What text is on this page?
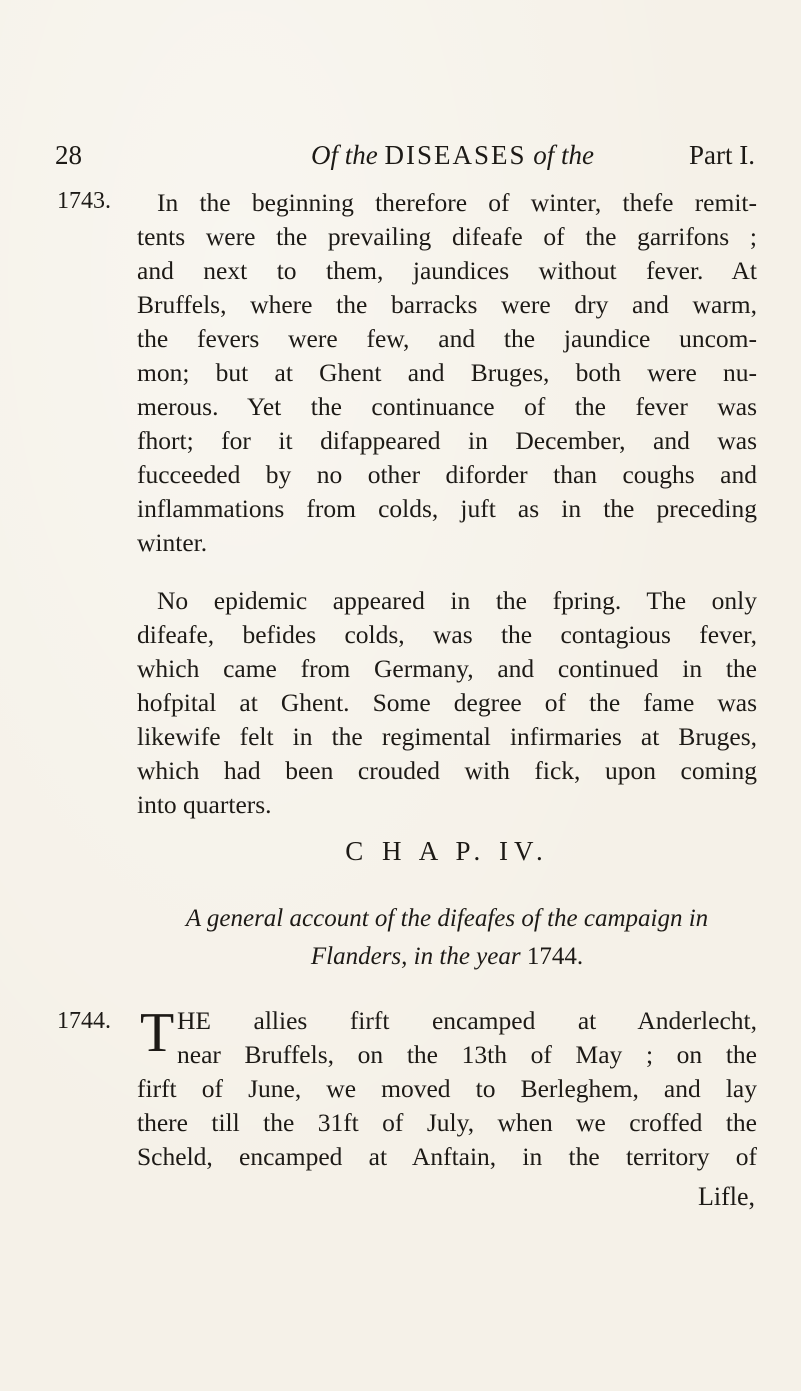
28	Of the DISEASES of the	Part I.
1743.	In the beginning therefore of winter, thefe remit-
tents were the prevailing difeafe of the garrifons ;
and next to them, jaundices without fever. At
Bruffels, where the barracks were dry and warm,
the fevers were few, and the jaundice uncom-
mon; but at Ghent and Bruges, both were nu-
merous. Yet the continuance of the fever was
fhort; for it difappeared in December, and was
fucceeded by no other diforder than coughs and
inflammations from colds, juft as in the preceding
winter.
No epidemic appeared in the fpring. The only
difeafe, befides colds, was the contagious fever,
which came from Germany, and continued in the
hofpital at Ghent. Some degree of the fame was
likewife felt in the regimental infirmaries at Bruges,
which had been crouded with fick, upon coming
into quarters.
C H A P. IV.
A general account of the difeafes of the campaign in
Flanders, in the year 1744.
1744. T HE allies firft encamped at Anderlecht,
near Bruffels, on the 13th of May ; on the
firft of June, we moved to Berleghem, and lay
there till the 31ft of July, when we croffed the
Scheld, encamped at Anftain, in the territory of
Lifle,
